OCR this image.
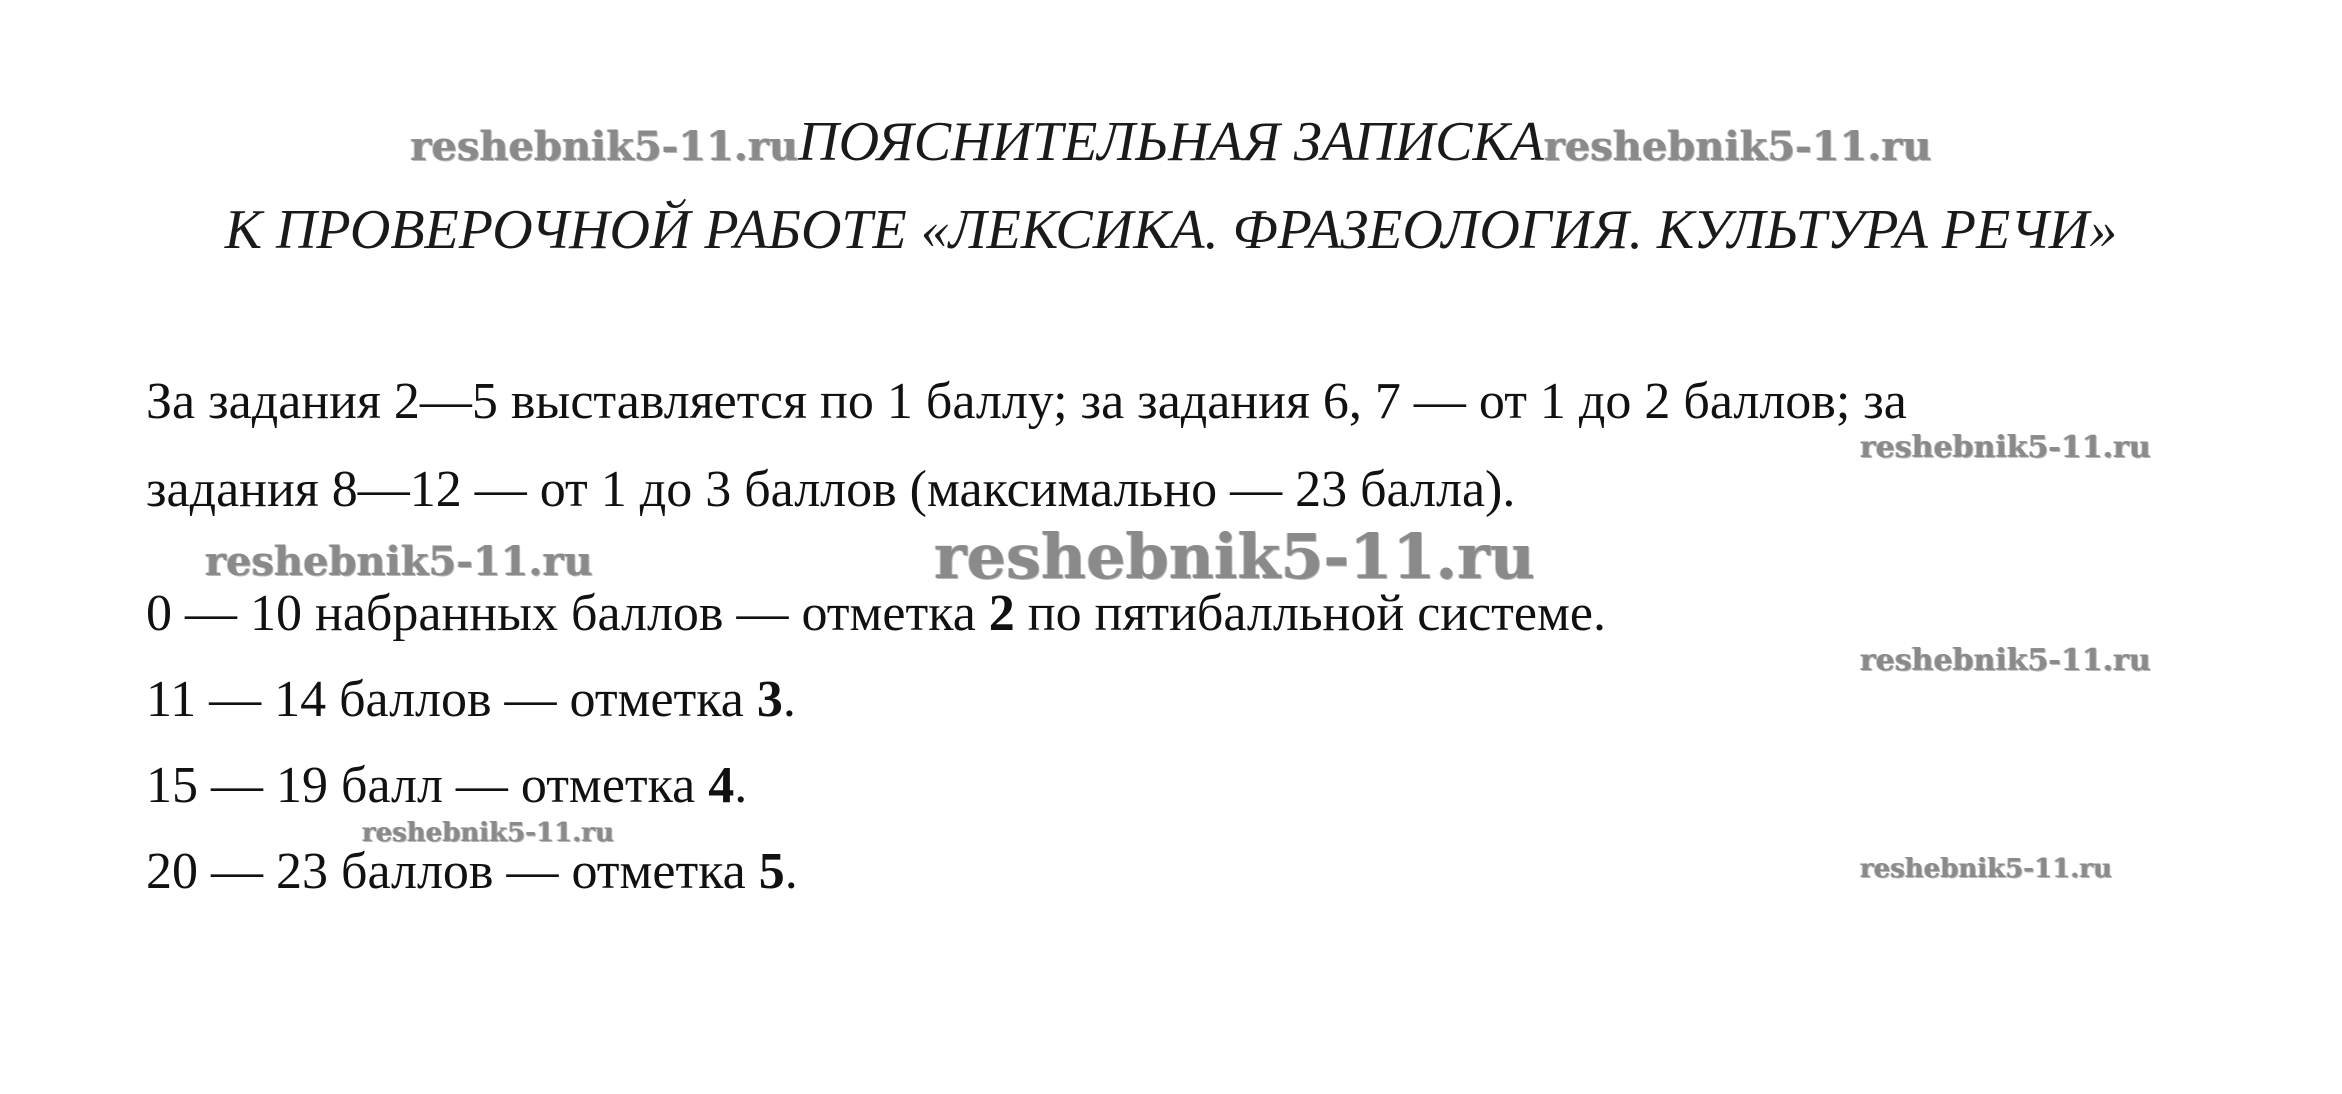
reshebnik5-11.ruПОЯСНИТЕЛЬНАЯ ЗАПИСКАreshebnik5-11.ru
К ПРОВЕРОЧНОЙ РАБОТЕ «ЛЕКСИКА. ФРАЗЕОЛОГИЯ. КУЛЬТУРА РЕЧИ»
За задания 2—5 выставляется по 1 баллу; за задания 6, 7 — от 1 до 2 баллов; за
задания 8—12 — от 1 до 3 баллов (максимально — 23 балла).
0 — 10 набранных баллов — отметка 2 по пятибалльной системе.
11 — 14 баллов — отметка 3.
15 — 19 балл — отметка 4.
20 — 23 баллов — отметка 5.
reshebnik5-11.ru
reshebnik5-11.ru	reshebnik5-11.ru
reshebnik5-11.ru
reshebnik5-11.ru
reshebnik5-11.ru
